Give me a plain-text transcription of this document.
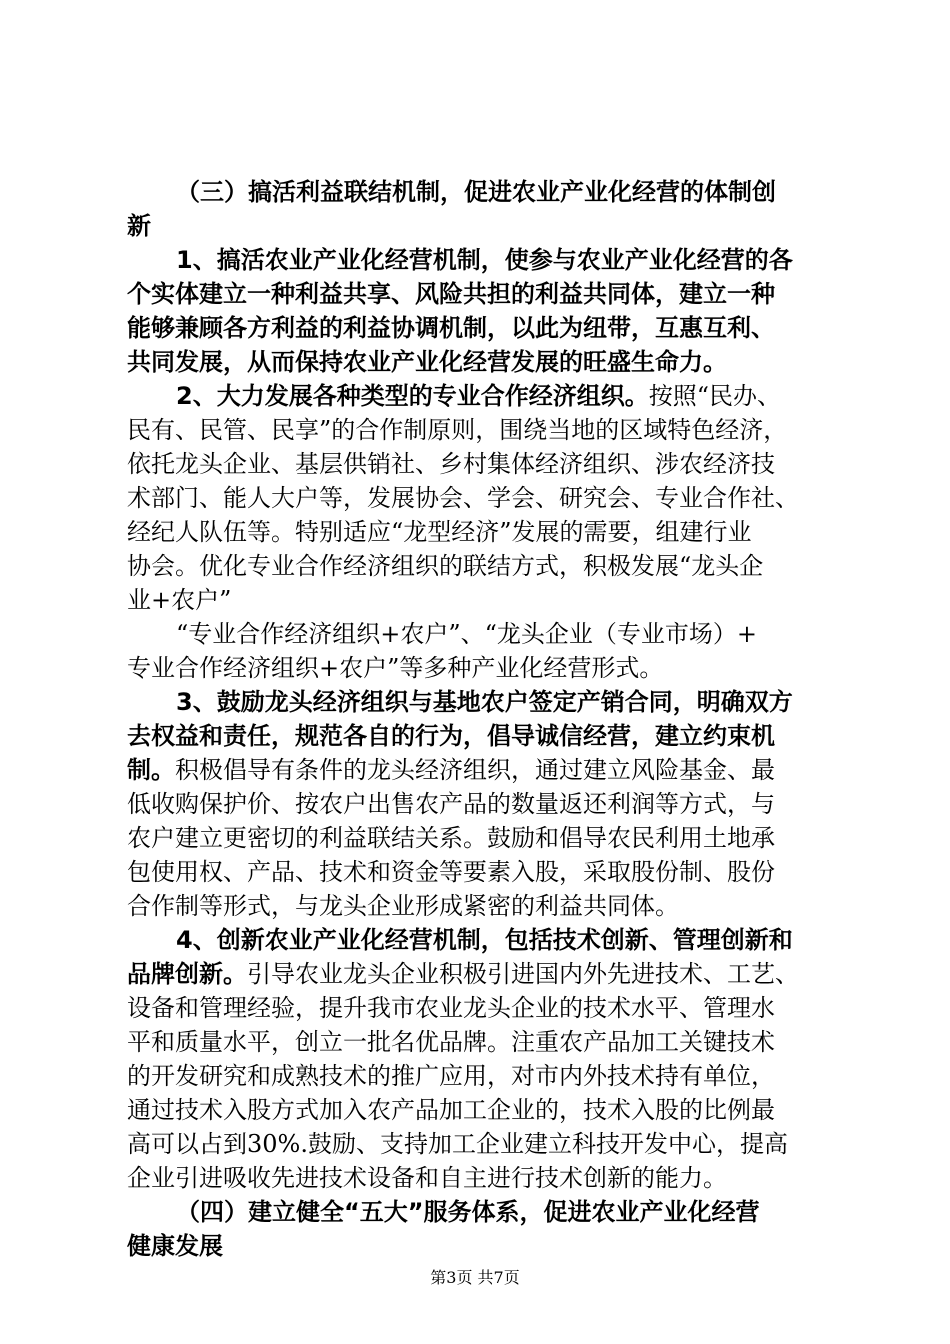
（三）搞活利益联结机制，促进农业产业化经营的体制创
新
1、搞活农业产业化经营机制，使参与农业产业化经营的各
个实体建立一种利益共享、风险共担的利益共同体，建立一种
能够兼顾各方利益的利益协调机制，以此为纽带，互惠互利、
共同发展，从而保持农业产业化经营发展的旺盛生命力。
2、大力发展各种类型的专业合作经济组织。按照“民办、
民有、民管、民享”的合作制原则，围绕当地的区域特色经济，
依托龙头企业、基层供销社、乡村集体经济组织、涉农经济技
术部门、能人大户等，发展协会、学会、研究会、专业合作社、
经纪人队伍等。特别适应“龙型经济”发展的需要，组建行业
协会。优化专业合作经济组织的联结方式，积极发展“龙头企
业+农户”
“专业合作经济组织+农户”、“龙头企业（专业市场）+
专业合作经济组织+农户”等多种产业化经营形式。
3、鼓励龙头经济组织与基地农户签定产销合同，明确双方
去权益和责任，规范各自的行为，倡导诚信经营，建立约束机
制。积极倡导有条件的龙头经济组织，通过建立风险基金、最
低收购保护价、按农户出售农产品的数量返还利润等方式，与
农户建立更密切的利益联结关系。鼓励和倡导农民利用土地承
包使用权、产品、技术和资金等要素入股，采取股份制、股份
合作制等形式，与龙头企业形成紧密的利益共同体。
4、创新农业产业化经营机制，包括技术创新、管理创新和
品牌创新。引导农业龙头企业积极引进国内外先进技术、工艺、
设备和管理经验，提升我市农业龙头企业的技术水平、管理水
平和质量水平，创立一批名优品牌。注重农产品加工关键技术
的开发研究和成熟技术的推广应用，对市内外技术持有单位，
通过技术入股方式加入农产品加工企业的，技术入股的比例最
高可以占到30%.鼓励、支持加工企业建立科技开发中心，提高
企业引进吸收先进技术设备和自主进行技术创新的能力。
（四）建立健全“五大”服务体系，促进农业产业化经营
健康发展
第3页 共7页
